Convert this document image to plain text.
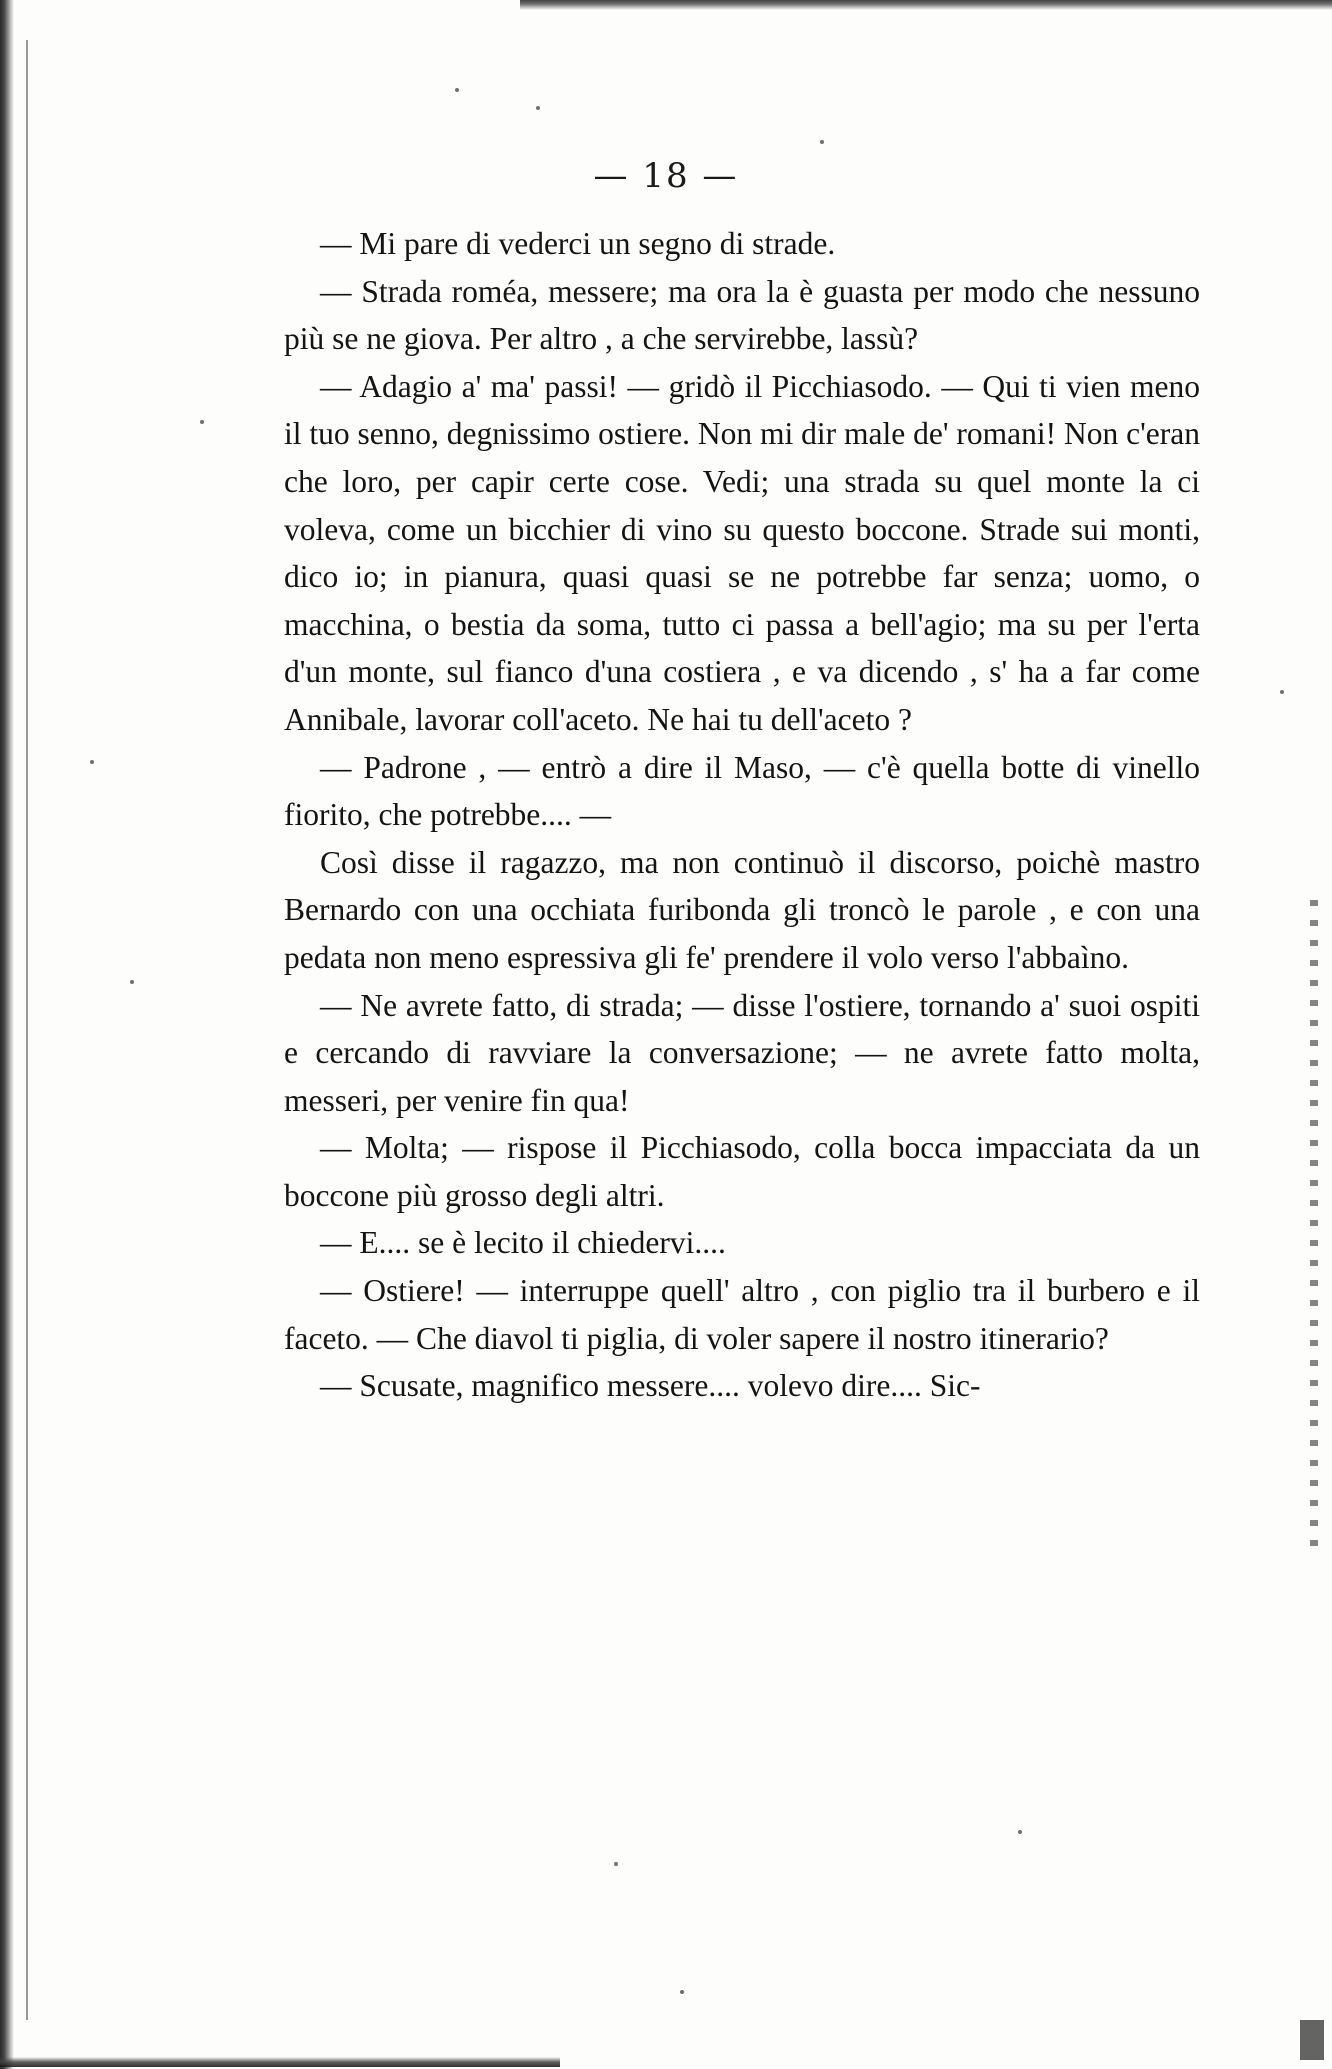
— 18 —

— Mi pare di vederci un segno di strade.

— Strada roméa, messere; ma ora la è guasta per modo che nessuno più se ne giova. Per altro , a che servirebbe, lassù?

— Adagio a' ma' passi! — gridò il Picchiasodo. — Qui ti vien meno il tuo senno, degnissimo ostiere. Non mi dir male de' romani! Non c'eran che loro, per capir certe cose. Vedi; una strada su quel monte la ci voleva, come un bicchier di vino su questo boccone. Strade sui monti, dico io; in pianura, quasi quasi se ne potrebbe far senza; uomo, o macchina, o bestia da soma, tutto ci passa a bell'agio; ma su per l'erta d'un monte, sul fianco d'una costiera , e va dicendo , s' ha a far come Annibale, lavorar coll'aceto. Ne hai tu dell'aceto ?

— Padrone , — entrò a dire il Maso, — c'è quella botte di vinello fiorito, che potrebbe.... —

Così disse il ragazzo, ma non continuò il discorso, poichè mastro Bernardo con una occhiata furibonda gli troncò le parole , e con una pedata non meno espressiva gli fe' prendere il volo verso l'abbaìno.

— Ne avrete fatto, di strada; — disse l'ostiere, tornando a' suoi ospiti e cercando di ravviare la conversazione; — ne avrete fatto molta, messeri, per venire fin qua!

— Molta; — rispose il Picchiasodo, colla bocca impacciata da un boccone più grosso degli altri.

— E.... se è lecito il chiedervi....

— Ostiere! — interruppe quell' altro , con piglio tra il burbero e il faceto. — Che diavol ti piglia, di voler sapere il nostro itinerario?

— Scusate, magnifico messere.... volevo dire.... Sic-
